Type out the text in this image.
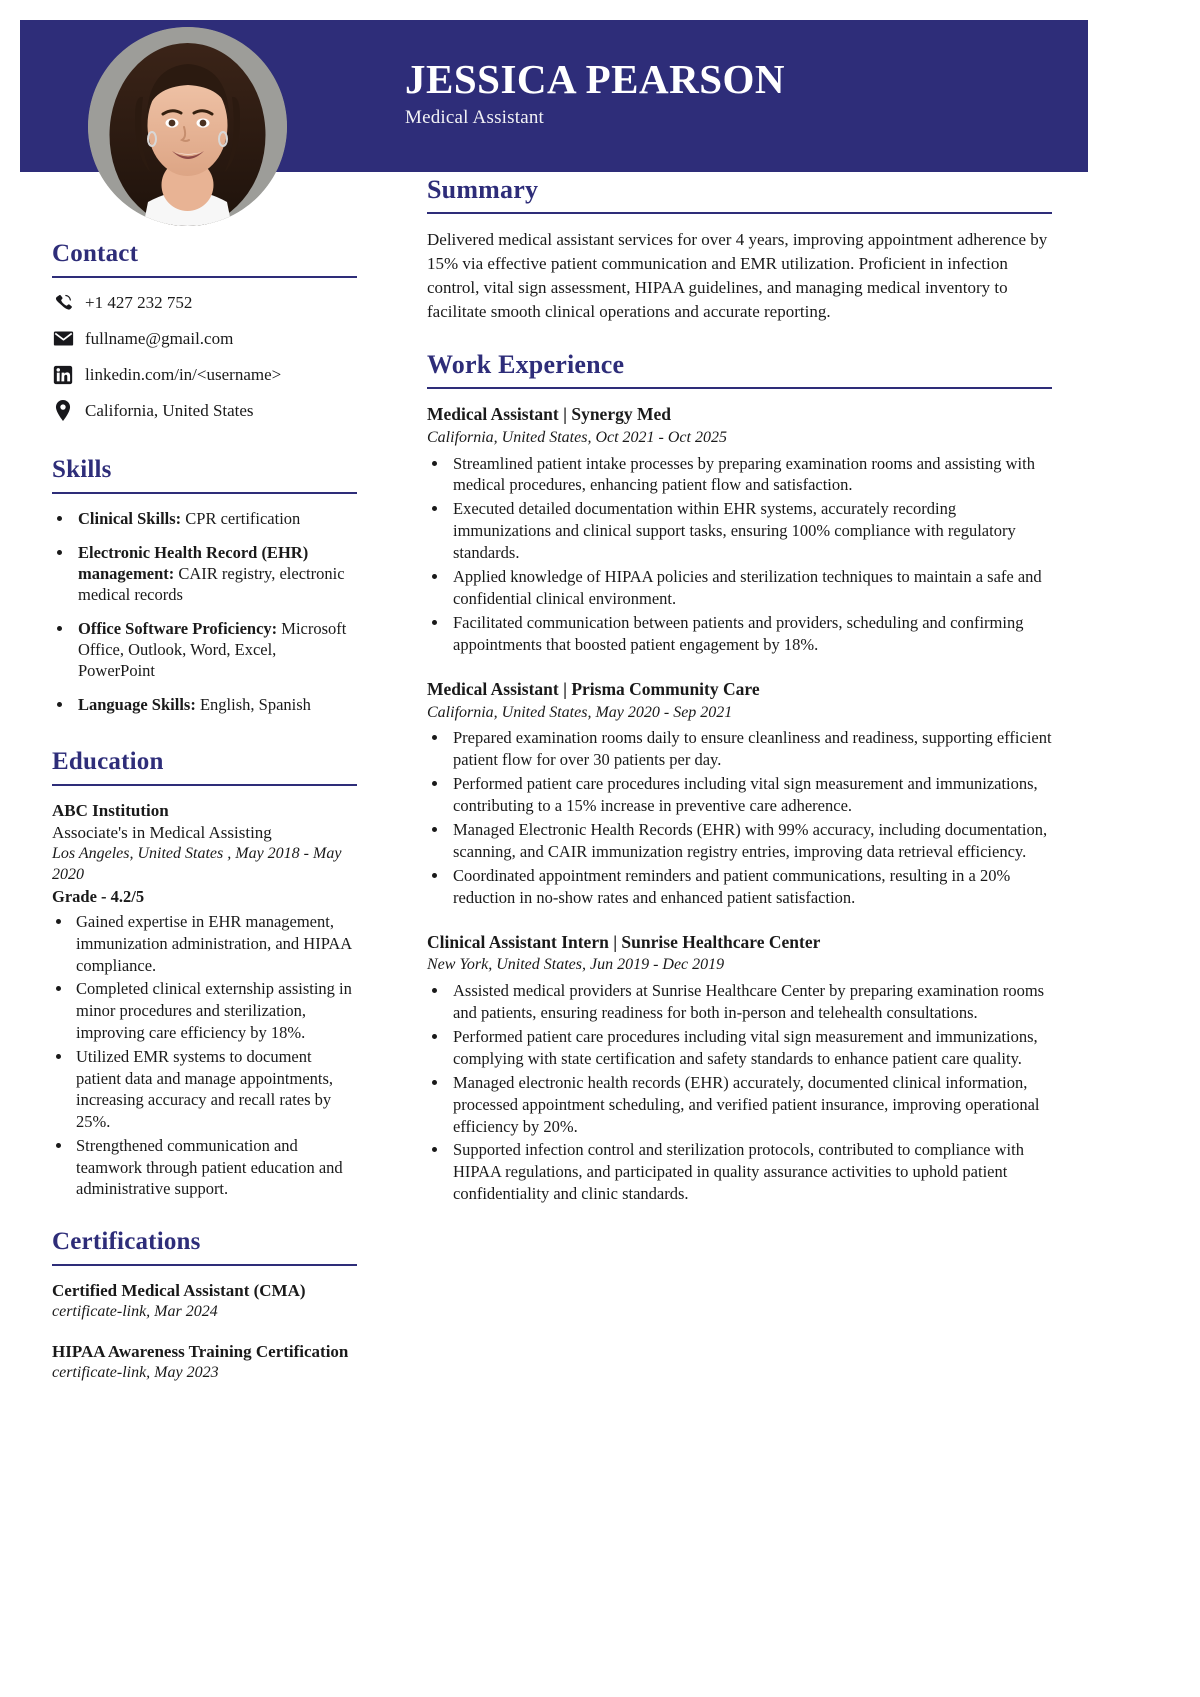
JESSICA PEARSON
Medical Assistant
Contact
+1 427 232 752
fullname@gmail.com
linkedin.com/in/<username>
California, United States
Skills
• Clinical Skills: CPR certification
• Electronic Health Record (EHR) management: CAIR registry, electronic medical records
• Office Software Proficiency: Microsoft Office, Outlook, Word, Excel, PowerPoint
• Language Skills: English, Spanish
Education
ABC Institution
Associate's in Medical Assisting
Los Angeles, United States , May 2018 - May 2020
Grade - 4.2/5
• Gained expertise in EHR management, immunization administration, and HIPAA compliance.
• Completed clinical externship assisting in minor procedures and sterilization, improving care efficiency by 18%.
• Utilized EMR systems to document patient data and manage appointments, increasing accuracy and recall rates by 25%.
• Strengthened communication and teamwork through patient education and administrative support.
Certifications
Certified Medical Assistant (CMA)
certificate-link, Mar 2024
HIPAA Awareness Training Certification
certificate-link, May 2023
Summary
Delivered medical assistant services for over 4 years, improving appointment adherence by 15% via effective patient communication and EMR utilization. Proficient in infection control, vital sign assessment, HIPAA guidelines, and managing medical inventory to facilitate smooth clinical operations and accurate reporting.
Work Experience
Medical Assistant | Synergy Med
California, United States, Oct 2021 - Oct 2025
• Streamlined patient intake processes by preparing examination rooms and assisting with medical procedures, enhancing patient flow and satisfaction.
• Executed detailed documentation within EHR systems, accurately recording immunizations and clinical support tasks, ensuring 100% compliance with regulatory standards.
• Applied knowledge of HIPAA policies and sterilization techniques to maintain a safe and confidential clinical environment.
• Facilitated communication between patients and providers, scheduling and confirming appointments that boosted patient engagement by 18%.
Medical Assistant | Prisma Community Care
California, United States, May 2020 - Sep 2021
• Prepared examination rooms daily to ensure cleanliness and readiness, supporting efficient patient flow for over 30 patients per day.
• Performed patient care procedures including vital sign measurement and immunizations, contributing to a 15% increase in preventive care adherence.
• Managed Electronic Health Records (EHR) with 99% accuracy, including documentation, scanning, and CAIR immunization registry entries, improving data retrieval efficiency.
• Coordinated appointment reminders and patient communications, resulting in a 20% reduction in no-show rates and enhanced patient satisfaction.
Clinical Assistant Intern | Sunrise Healthcare Center
New York, United States, Jun 2019 - Dec 2019
• Assisted medical providers at Sunrise Healthcare Center by preparing examination rooms and patients, ensuring readiness for both in-person and telehealth consultations.
• Performed patient care procedures including vital sign measurement and immunizations, complying with state certification and safety standards to enhance patient care quality.
• Managed electronic health records (EHR) accurately, documented clinical information, processed appointment scheduling, and verified patient insurance, improving operational efficiency by 20%.
• Supported infection control and sterilization protocols, contributed to compliance with HIPAA regulations, and participated in quality assurance activities to uphold patient confidentiality and clinic standards.
